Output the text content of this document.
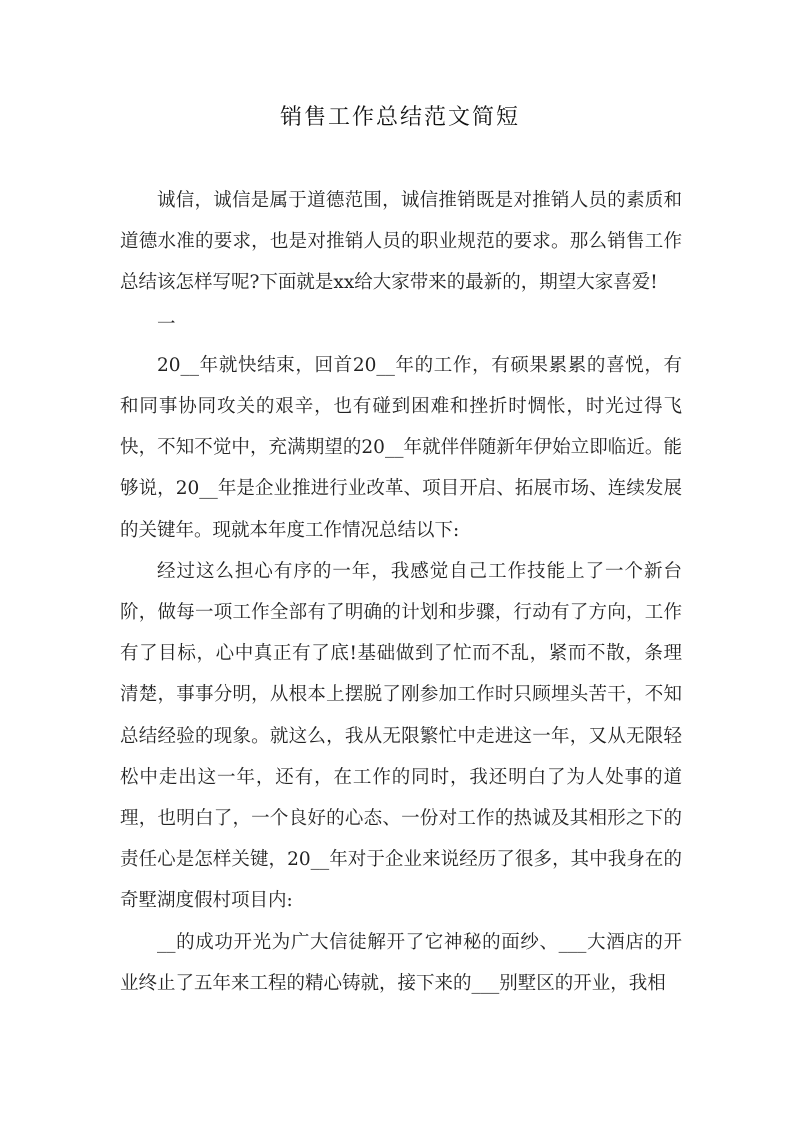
销售工作总结范文简短

诚信，诚信是属于道德范围，诚信推销既是对推销人员的素质和道德水准的要求，也是对推销人员的职业规范的要求。那么销售工作总结该怎样写呢?下面就是xx给大家带来的最新的，期望大家喜爱!

一

20__年就快结束，回首20__年的工作，有硕果累累的喜悦，有和同事协同攻关的艰辛，也有碰到困难和挫折时惆怅，时光过得飞快，不知不觉中，充满期望的20__年就伴伴随新年伊始立即临近。能够说，20__年是企业推进行业改革、项目开启、拓展市场、连续发展的关键年。现就本年度工作情况总结以下:

经过这么担心有序的一年，我感觉自己工作技能上了一个新台阶，做每一项工作全部有了明确的计划和步骤，行动有了方向，工作有了目标，心中真正有了底!基础做到了忙而不乱，紧而不散，条理清楚，事事分明，从根本上摆脱了刚参加工作时只顾埋头苦干，不知总结经验的现象。就这么，我从无限繁忙中走进这一年，又从无限轻松中走出这一年，还有，在工作的同时，我还明白了为人处事的道理，也明白了，一个良好的心态、一份对工作的热诚及其相形之下的责任心是怎样关键，20__年对于企业来说经历了很多，其中我身在的奇墅湖度假村项目内:

__的成功开光为广大信徒解开了它神秘的面纱、___大酒店的开业终止了五年来工程的精心铸就，接下来的___别墅区的开业，我相
